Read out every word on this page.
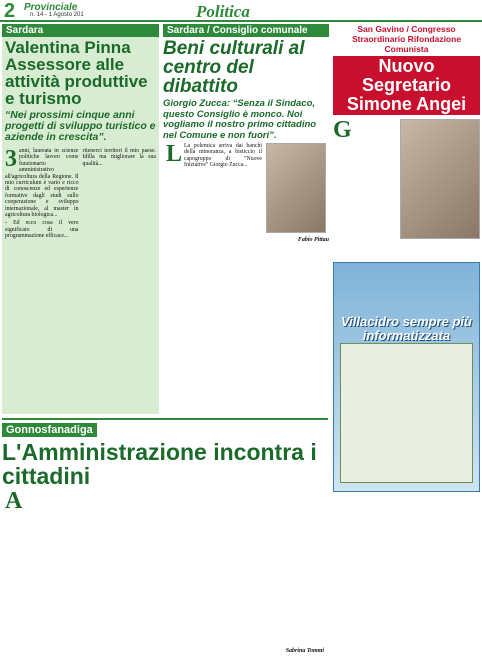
2 Provinciale
n. 14 - 1 Agosto 201	Politica
Sardara
Valentina Pinna Assessore alle attività produttive e turismo
“Nei prossimi cinque anni progetti di sviluppo turistico e aziende in crescita”.
3 anni, laureata in scienze politiche lavoro come funzionario amministrativo all'agricoltura della Regione. Il mio curriculum è vario e ricco di conoscenze ed esperienze formative dagli studi sullo cooperazione e sviluppo internazionale, al master in agricoltura biologica...

- Ed ecco cosa il vero significato di una programmazione efficace...

ritenerci territori il mio paese. Idilla ma migliorare la sua qualità...

Sardara / Consiglio comunale
Beni culturali al centro del dibattito
Giorgio Zucca: “Senza il Sindaco, questo Consiglio è monco. Noi vogliamo il nostro primo cittadino nel Comune e non fuori”.
L La polemica arriva dai banchi della minoranza, a bisticcio il capogruppo di "Nuove Iniziative" Giorgio Zucca...

Fabio Pittau
San Gavino / Congresso Straordinario Rifondazione Comunista
Nuovo Segretario Simone Angei
G
Gonnosfanadiga
L'Amministrazione incontra i cittadini
A
Sabrina Tommi
Villacidro sempre più informatizzata
